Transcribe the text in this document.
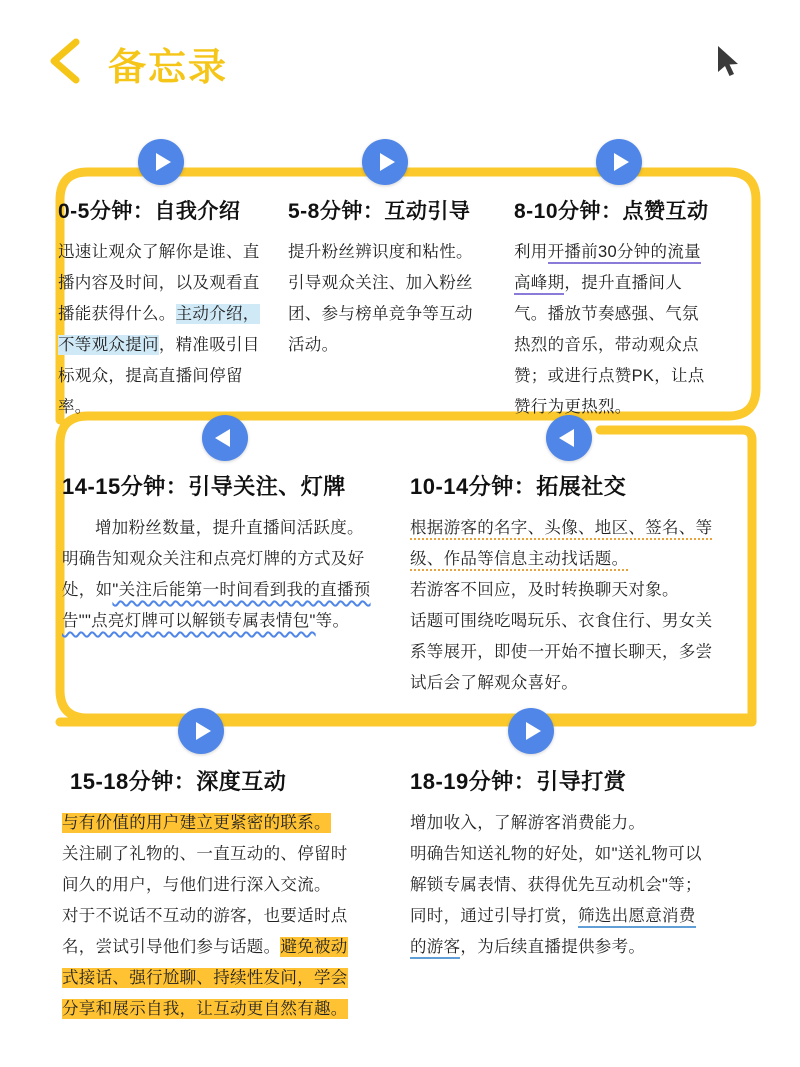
备忘录
0-5分钟：自我介绍

迅速让观众了解你是谁、直播内容及时间，以及观看直播能获得什么。主动介绍，不等观众提问，精准吸引目标观众，提高直播间停留率。

5-8分钟：互动引导

提升粉丝辨识度和粘性。

引导观众关注、加入粉丝团、参与榜单竞争等互动活动。

8-10分钟：点赞互动

利用开播前30分钟的流量高峰期，提升直播间人气。播放节奏感强、气氛热烈的音乐，带动观众点赞；或进行点赞PK，让点赞行为更热烈。

14-15分钟：引导关注、灯牌

增加粉丝数量，提升直播间活跃度。

明确告知观众关注和点亮灯牌的方式及好处，如"关注后能第一时间看到我的直播预告""点亮灯牌可以解锁专属表情包"等。

10-14分钟：拓展社交

根据游客的名字、头像、地区、签名、等级、作品等信息主动找话题。

若游客不回应，及时转换聊天对象。

话题可围绕吃喝玩乐、衣食住行、男女关系等展开，即使一开始不擅长聊天，多尝试后会了解观众喜好。

15-18分钟：深度互动

与有价值的用户建立更紧密的联系。

关注刷了礼物的、一直互动的、停留时间久的用户，与他们进行深入交流。

对于不说话不互动的游客，也要适时点名，尝试引导他们参与话题。避免被动式接话、强行尬聊、持续性发问，学会分享和展示自我，让互动更自然有趣。

18-19分钟：引导打赏

增加收入，了解游客消费能力。

明确告知送礼物的好处，如"送礼物可以解锁专属表情、获得优先互动机会"等；同时，通过引导打赏，筛选出愿意消费的游客，为后续直播提供参考。
